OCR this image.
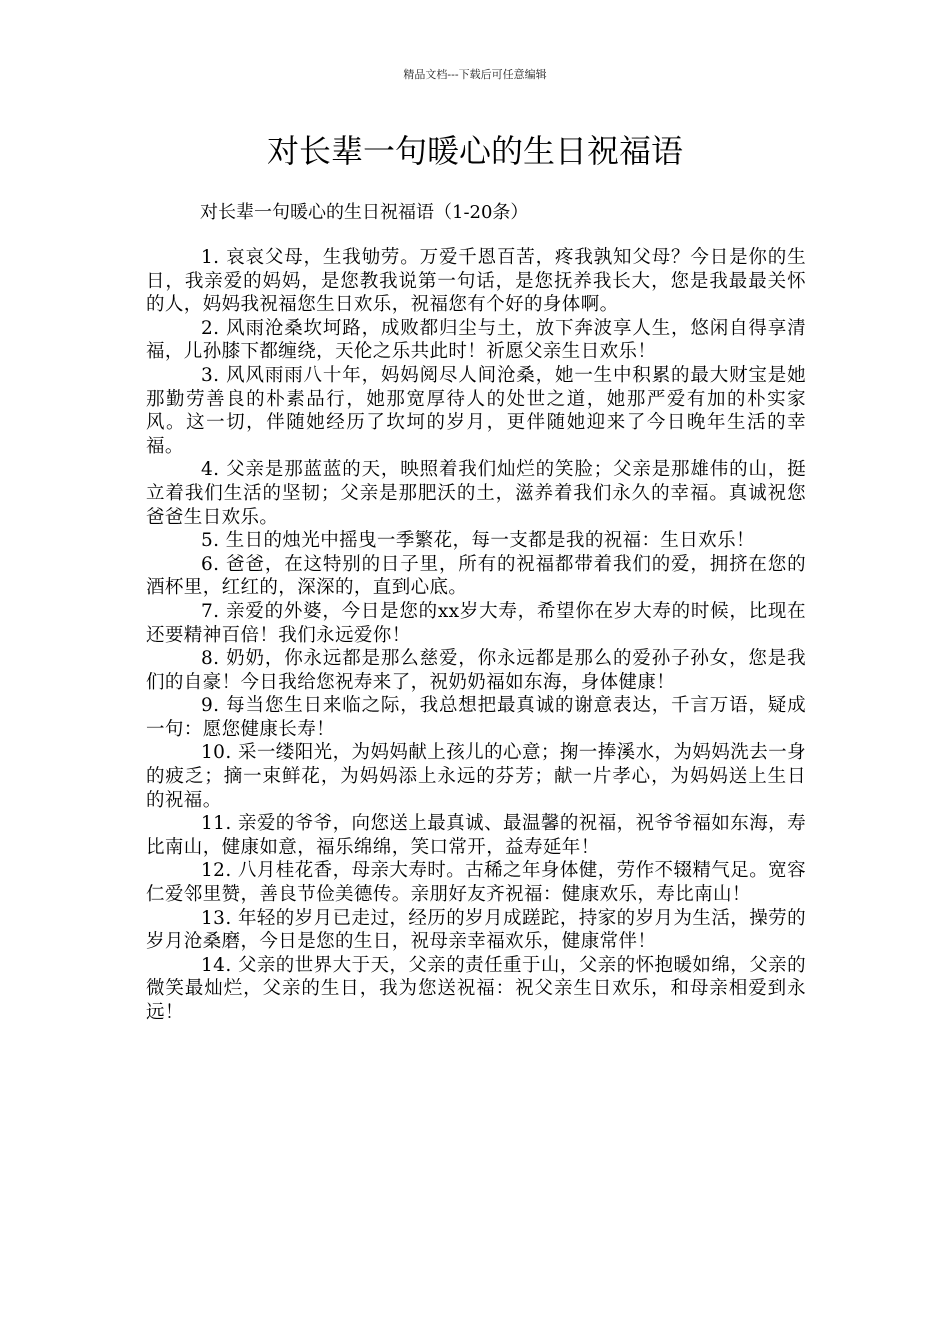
精品文档---下载后可任意编辑
对长辈一句暖心的生日祝福语

对长辈一句暖心的生日祝福语（1-20条）

1. 哀哀父母，生我劬劳。万爱千恩百苦，疼我孰知父母？今日是你的生日，我亲爱的妈妈，是您教我说第一句话，是您抚养我长大，您是我最最关怀的人，妈妈我祝福您生日欢乐，祝福您有个好的身体啊。

2. 风雨沧桑坎坷路，成败都归尘与土，放下奔波享人生，悠闲自得享清福，儿孙膝下都缠绕，天伦之乐共此时！祈愿父亲生日欢乐！

3. 风风雨雨八十年，妈妈阅尽人间沧桑，她一生中积累的最大财宝是她那勤劳善良的朴素品行，她那宽厚待人的处世之道，她那严爱有加的朴实家风。这一切，伴随她经历了坎坷的岁月，更伴随她迎来了今日晚年生活的幸福。

4. 父亲是那蓝蓝的天，映照着我们灿烂的笑脸；父亲是那雄伟的山，挺立着我们生活的坚韧；父亲是那肥沃的土，滋养着我们永久的幸福。真诚祝您爸爸生日欢乐。

5. 生日的烛光中摇曳一季繁花，每一支都是我的祝福：生日欢乐！

6. 爸爸，在这特别的日子里，所有的祝福都带着我们的爱，拥挤在您的酒杯里，红红的，深深的，直到心底。

7. 亲爱的外婆，今日是您的xx岁大寿，希望你在岁大寿的时候，比现在还要精神百倍！我们永远爱你！

8. 奶奶，你永远都是那么慈爱，你永远都是那么的爱孙子孙女，您是我们的自豪！今日我给您祝寿来了，祝奶奶福如东海，身体健康！

9. 每当您生日来临之际，我总想把最真诚的谢意表达，千言万语，疑成一句：愿您健康长寿！

10. 采一缕阳光，为妈妈献上孩儿的心意；掬一捧溪水，为妈妈洗去一身的疲乏；摘一束鲜花，为妈妈添上永远的芬芳；献一片孝心，为妈妈送上生日的祝福。

11. 亲爱的爷爷，向您送上最真诚、最温馨的祝福，祝爷爷福如东海，寿比南山，健康如意，福乐绵绵，笑口常开，益寿延年！

12. 八月桂花香，母亲大寿时。古稀之年身体健，劳作不辍精气足。宽容仁爱邻里赞，善良节俭美德传。亲朋好友齐祝福：健康欢乐，寿比南山！

13. 年轻的岁月已走过，经历的岁月成蹉跎，持家的岁月为生活，操劳的岁月沧桑磨，今日是您的生日，祝母亲幸福欢乐，健康常伴！

14. 父亲的世界大于天，父亲的责任重于山，父亲的怀抱暖如绵，父亲的微笑最灿烂，父亲的生日，我为您送祝福：祝父亲生日欢乐，和母亲相爱到永远！
